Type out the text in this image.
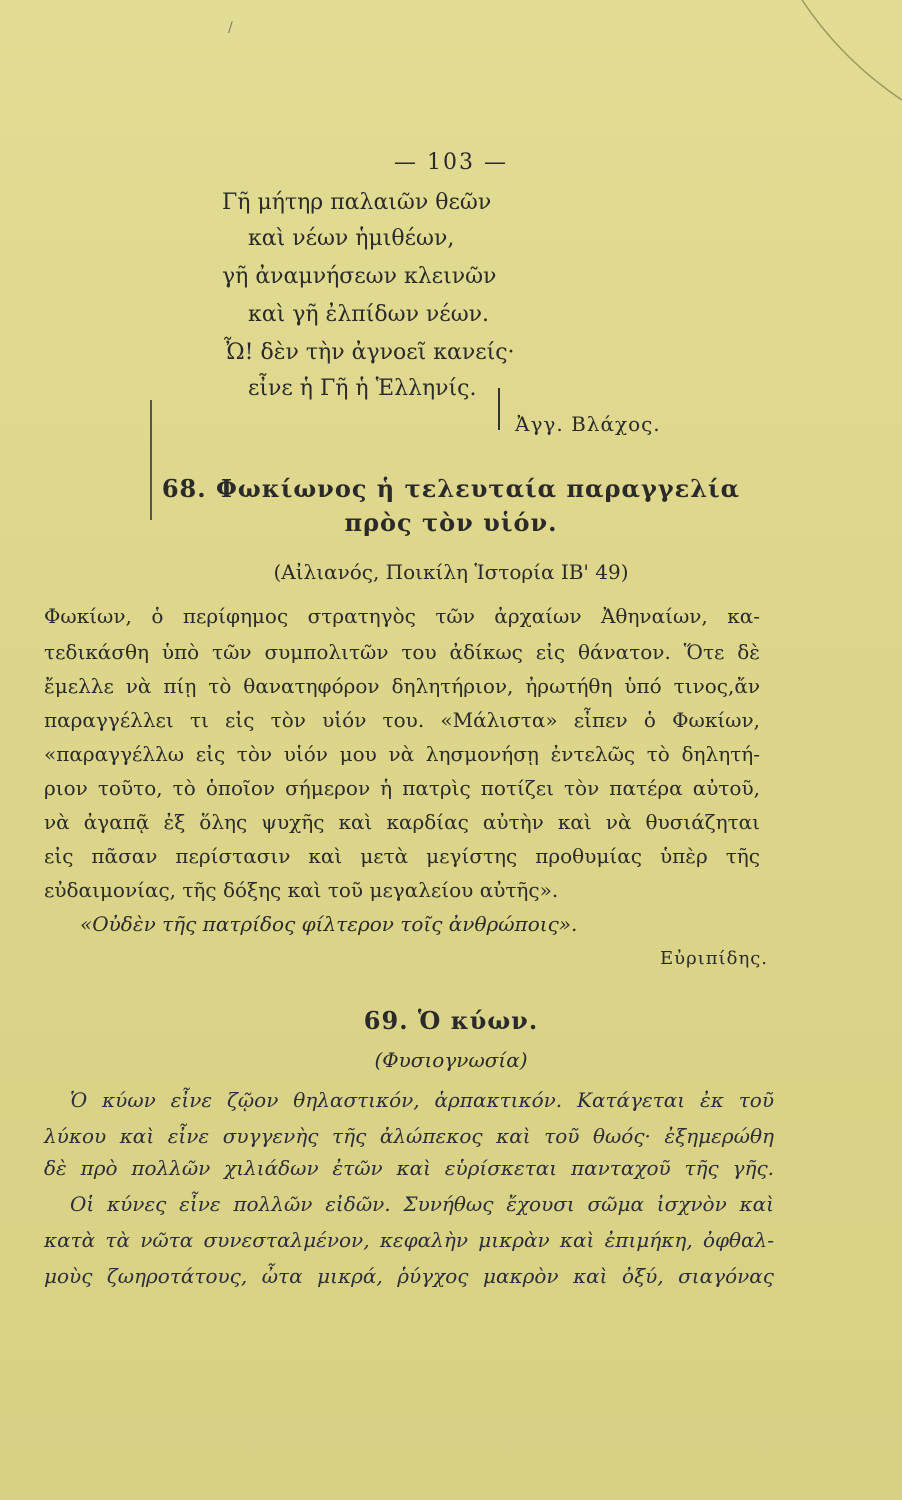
/
— 103 —
Γῆ μήτηρ παλαιῶν θεῶν
καὶ νέων ἡμιθέων,
γῆ ἀναμνήσεων κλεινῶν
καὶ γῆ ἐλπίδων νέων.
Ὦ! δὲν τὴν ἀγνοεῖ κανείς·
εἶνε ἡ Γῆ ἡ Ἑλληνίς.
Ἀγγ. Βλάχος.
68. Φωκίωνος ἡ τελευταία παραγγελία
πρὸς τὸν υἱόν.
(Αἰλιανός, Ποικίλη Ἱστορία ΙΒ' 49)
Φωκίων, ὁ περίφημος στρατηγὸς τῶν ἀρχαίων Ἀθηναίων, κα-
τεδικάσθη ὑπὸ τῶν συμπολιτῶν του ἀδίκως εἰς θάνατον. Ὅτε δὲ
ἔμελλε νὰ πίῃ τὸ θανατηφόρον δηλητήριον, ἠρωτήθη ὑπό τινος,ἄν
παραγγέλλει τι εἰς τὸν υἱόν του. «Μάλιστα» εἶπεν ὁ Φωκίων,
«παραγγέλλω εἰς τὸν υἱόν μου νὰ λησμονήσῃ ἐντελῶς τὸ δηλητή-
ριον τοῦτο, τὸ ὁποῖον σήμερον ἡ πατρὶς ποτίζει τὸν πατέρα αὐτοῦ,
νὰ ἀγαπᾷ ἐξ ὅλης ψυχῆς καὶ καρδίας αὐτὴν καὶ νὰ θυσιάζηται
εἰς πᾶσαν περίστασιν καὶ μετὰ μεγίστης προθυμίας ὑπὲρ τῆς
εὐδαιμονίας, τῆς δόξης καὶ τοῦ μεγαλείου αὐτῆς».
«Οὐδὲν τῆς πατρίδος φίλτερον τοῖς ἀνθρώποις».
Εὐριπίδης.
69. Ὁ κύων.
(Φυσιογνωσία)
Ὁ κύων εἶνε ζῷον θηλαστικόν, ἁρπακτικόν. Κατάγεται ἐκ τοῦ
λύκου καὶ εἶνε συγγενὴς τῆς ἀλώπεκος καὶ τοῦ θωός· ἐξημερώθη
δὲ πρὸ πολλῶν χιλιάδων ἐτῶν καὶ εὑρίσκεται πανταχοῦ τῆς γῆς.
Οἱ κύνες εἶνε πολλῶν εἰδῶν. Συνήθως ἔχουσι σῶμα ἰσχνὸν καὶ
κατὰ τὰ νῶτα συνεσταλμένον, κεφαλὴν μικρὰν καὶ ἐπιμήκη, ὀφθαλ-
μοὺς ζωηροτάτους, ὦτα μικρά, ῥύγχος μακρὸν καὶ ὀξύ, σιαγόνας
